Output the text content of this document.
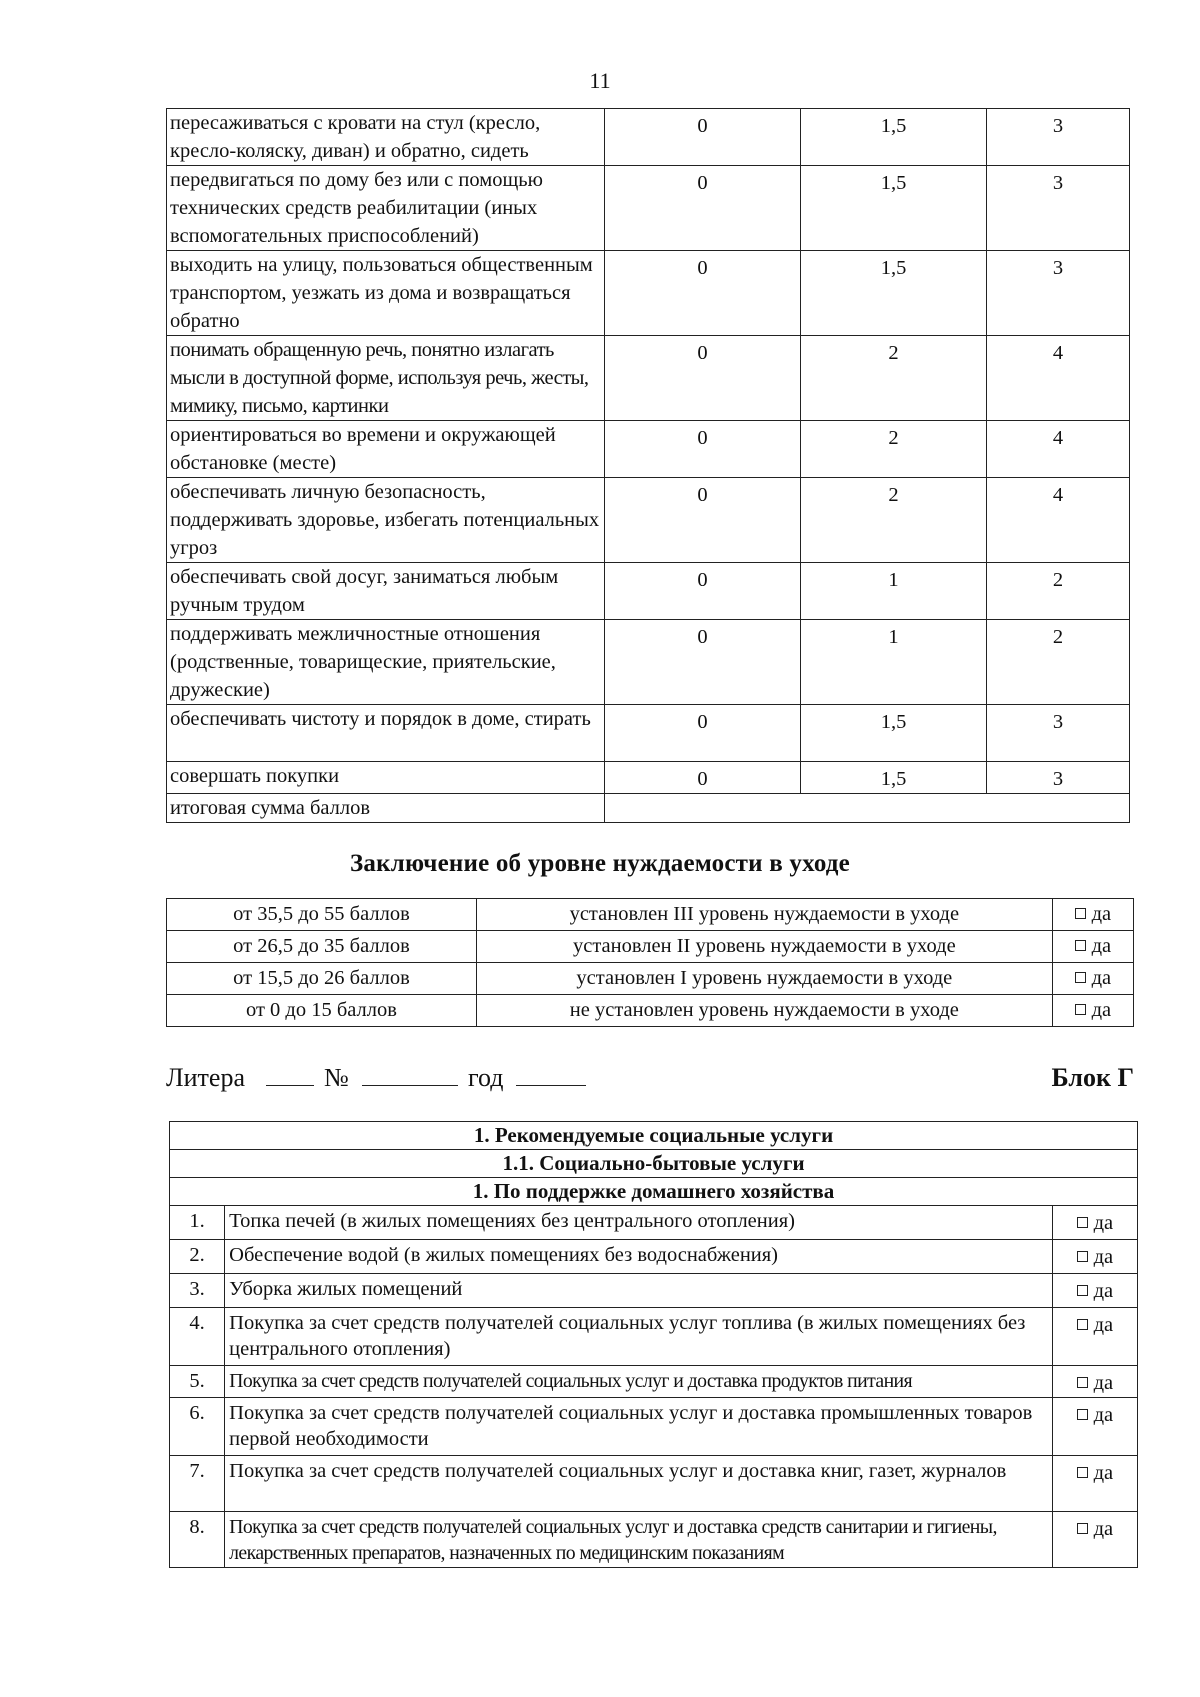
11
пересаживаться с кровати на стул (кресло, кресло-коляску, диван) и обратно, сидеть	0	1,5	3
передвигаться по дому без или с помощью технических средств реабилитации (иных вспомогательных приспособлений)	0	1,5	3
выходить на улицу, пользоваться общественным транспортом, уезжать из дома и возвращаться обратно	0	1,5	3
понимать обращенную речь, понятно излагать мысли в доступной форме, используя речь, жесты, мимику, письмо, картинки	0	2	4
ориентироваться во времени и окружающей обстановке (месте)	0	2	4
обеспечивать личную безопасность, поддерживать здоровье, избегать потенциальных угроз	0	2	4
обеспечивать свой досуг, заниматься любым ручным трудом	0	1	2
поддерживать межличностные отношения (родственные, товарищеские, приятельские, дружеские)	0	1	2
обеспечивать чистоту и порядок в доме, стирать	0	1,5	3
совершать покупки	0	1,5	3
итоговая сумма баллов			
Заключение об уровне нуждаемости в уходе
от 35,5 до 55 баллов	установлен III уровень нуждаемости в уходе	да
от 26,5 до 35 баллов	установлен II уровень нуждаемости в уходе	да
от 15,5 до 26 баллов	установлен I уровень нуждаемости в уходе	да
от 0 до 15 баллов	не установлен уровень нуждаемости в уходе	да
Литера	№	год	Блок Г
1. Рекомендуемые социальные услуги		
1.1. Социально-бытовые услуги		
1. По поддержке домашнего хозяйства		
1.	Топка печей (в жилых помещениях без центрального отопления)	да
2.	Обеспечение водой (в жилых помещениях без водоснабжения)	да
3.	Уборка жилых помещений	да
4.	Покупка за счет средств получателей социальных услуг топлива (в жилых помещениях без центрального отопления)	да
5.	Покупка за счет средств получателей социальных услуг и доставка продуктов питания	да
6.	Покупка за счет средств получателей социальных услуг и доставка промышленных товаров первой необходимости	да
7.	Покупка за счет средств получателей социальных услуг и доставка книг, газет, журналов	да
8.	Покупка за счет средств получателей социальных услуг и доставка средств санитарии и гигиены, лекарственных препаратов, назначенных по медицинским показаниям	да
